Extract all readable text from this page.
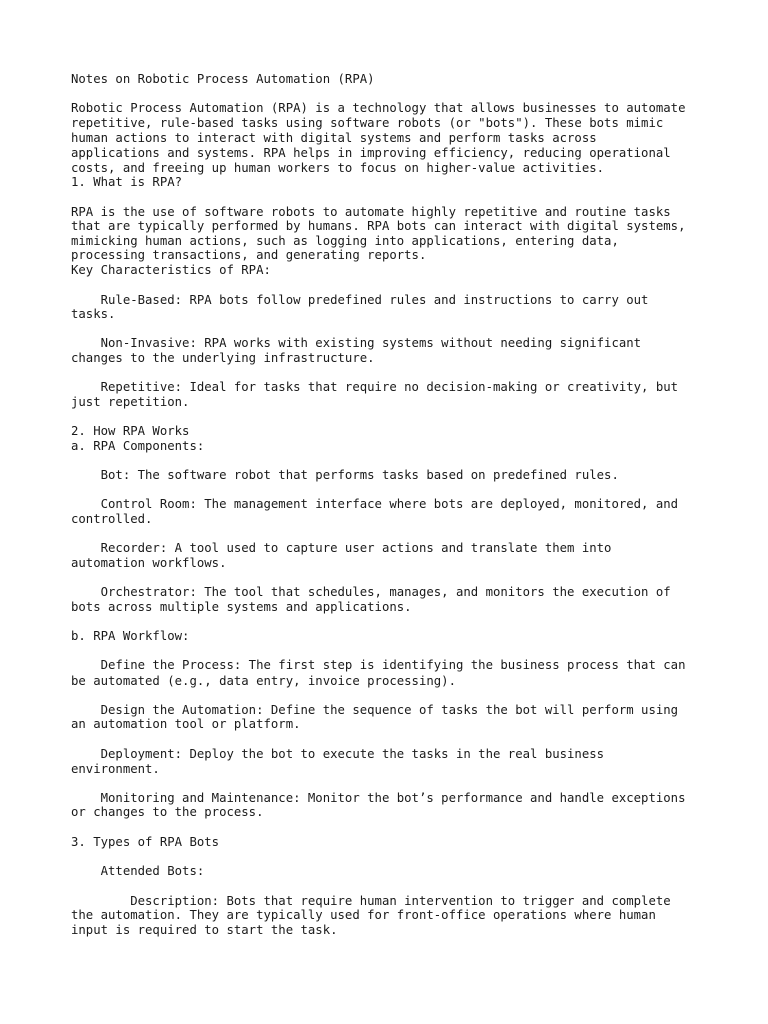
Notes on Robotic Process Automation (RPA)
Robotic Process Automation (RPA) is a technology that allows businesses to automate
repetitive, rule-based tasks using software robots (or "bots"). These bots mimic
human actions to interact with digital systems and perform tasks across
applications and systems. RPA helps in improving efficiency, reducing operational
costs, and freeing up human workers to focus on higher-value activities.
1. What is RPA?
RPA is the use of software robots to automate highly repetitive and routine tasks
that are typically performed by humans. RPA bots can interact with digital systems,
mimicking human actions, such as logging into applications, entering data,
processing transactions, and generating reports.
Key Characteristics of RPA:
Rule-Based: RPA bots follow predefined rules and instructions to carry out
tasks.
Non-Invasive: RPA works with existing systems without needing significant
changes to the underlying infrastructure.
Repetitive: Ideal for tasks that require no decision-making or creativity, but
just repetition.
2. How RPA Works
a. RPA Components:
Bot: The software robot that performs tasks based on predefined rules.
Control Room: The management interface where bots are deployed, monitored, and
controlled.
Recorder: A tool used to capture user actions and translate them into
automation workflows.
Orchestrator: The tool that schedules, manages, and monitors the execution of
bots across multiple systems and applications.
b. RPA Workflow:
Define the Process: The first step is identifying the business process that can
be automated (e.g., data entry, invoice processing).
Design the Automation: Define the sequence of tasks the bot will perform using
an automation tool or platform.
Deployment: Deploy the bot to execute the tasks in the real business
environment.
Monitoring and Maintenance: Monitor the bot’s performance and handle exceptions
or changes to the process.
3. Types of RPA Bots
Attended Bots:
Description: Bots that require human intervention to trigger and complete
the automation. They are typically used for front-office operations where human
input is required to start the task.
